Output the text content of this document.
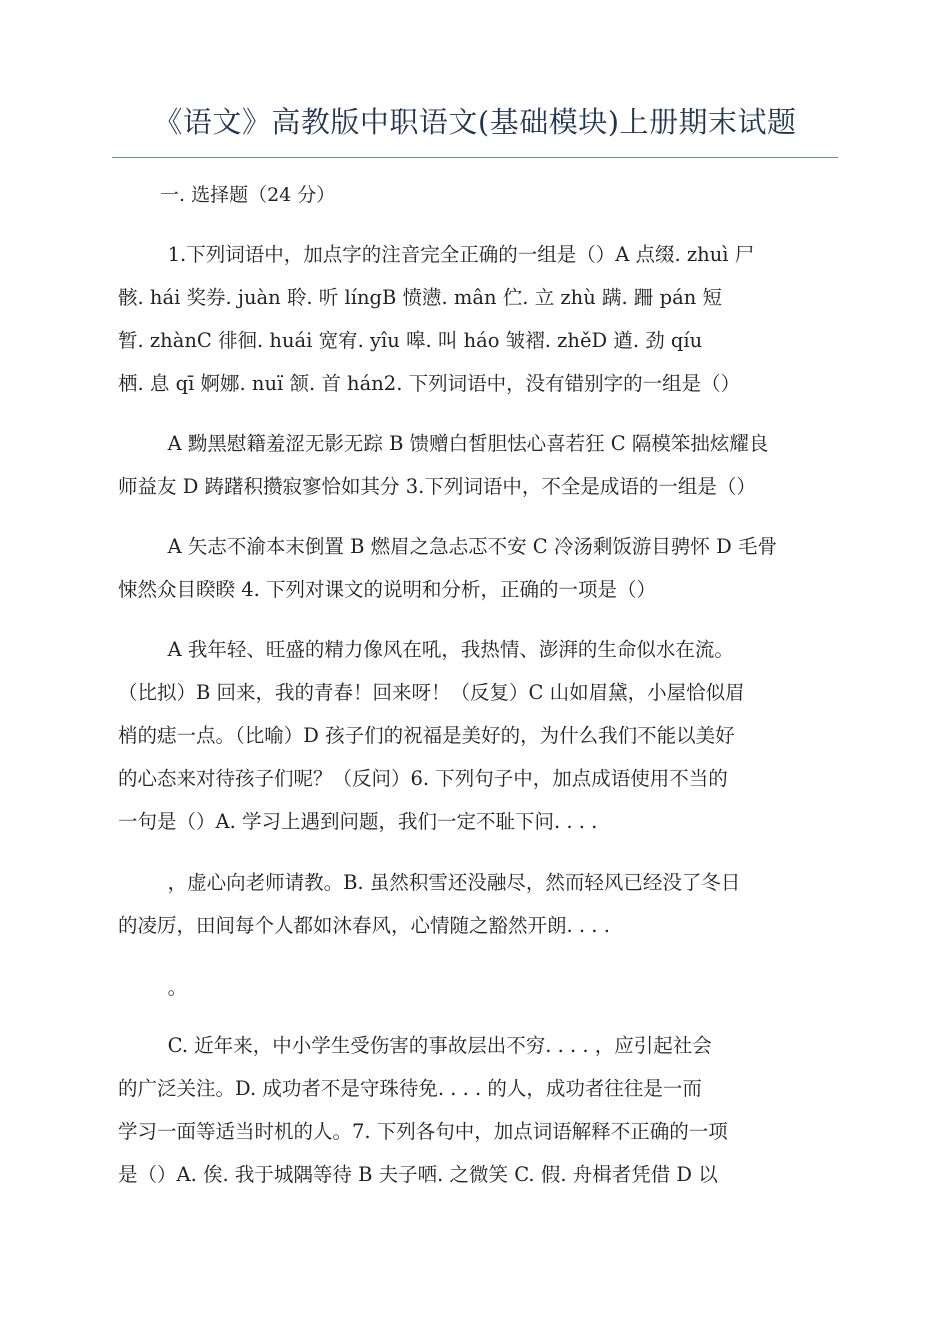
《语文》高教版中职语文(基础模块)上册期末试题
一. 选择题（24 分）
1.下列词语中，加点字的注音完全正确的一组是（）A 点缀. zhuì 尸
骸. hái 奖券. juàn 聆. 听 língB 愤懑. mân 伫. 立 zhù 蹒. 跚 pán 短
暂. zhànC 徘徊. huái 宽宥. yîu 嗥. 叫 háo 皱褶. zhěD 遒. 劲 qíu
栖. 息 qī 婀娜. nuï 颔. 首 hán2. 下列词语中，没有错别字的一组是（）
A 黝黑慰籍羞涩无影无踪 B 馈赠白皙胆怯心喜若狂 C 隔模笨拙炫耀良
师益友 D 踌躇积攒寂寥恰如其分 3.下列词语中，不全是成语的一组是（）
A 矢志不渝本末倒置 B 燃眉之急忐忑不安 C 冷汤剩饭游目骋怀 D 毛骨
悚然众目睽睽 4. 下列对课文的说明和分析，正确的一项是（）
A 我年轻、旺盛的精力像风在吼，我热情、澎湃的生命似水在流。
（比拟）B 回来，我的青春！回来呀！（反复）C 山如眉黛，小屋恰似眉
梢的痣一点。（比喻）D 孩子们的祝福是美好的，为什么我们不能以美好
的心态来对待孩子们呢？（反问）6. 下列句子中，加点成语使用不当的
一句是（）A. 学习上遇到问题，我们一定不耻下问. . . .
，虚心向老师请教。B. 虽然积雪还没融尽，然而轻风已经没了冬日
的凌厉，田间每个人都如沐春风，心情随之豁然开朗. . . .
。
C. 近年来，中小学生受伤害的事故层出不穷. . . . ，应引起社会
的广泛关注。D. 成功者不是守珠待免. . . . 的人，成功者往往是一而
学习一面等适当时机的人。7. 下列各句中，加点词语解释不正确的一项
是（）A. 俟. 我于城隅等待 B 夫子哂. 之微笑 C. 假. 舟楫者凭借 D 以
